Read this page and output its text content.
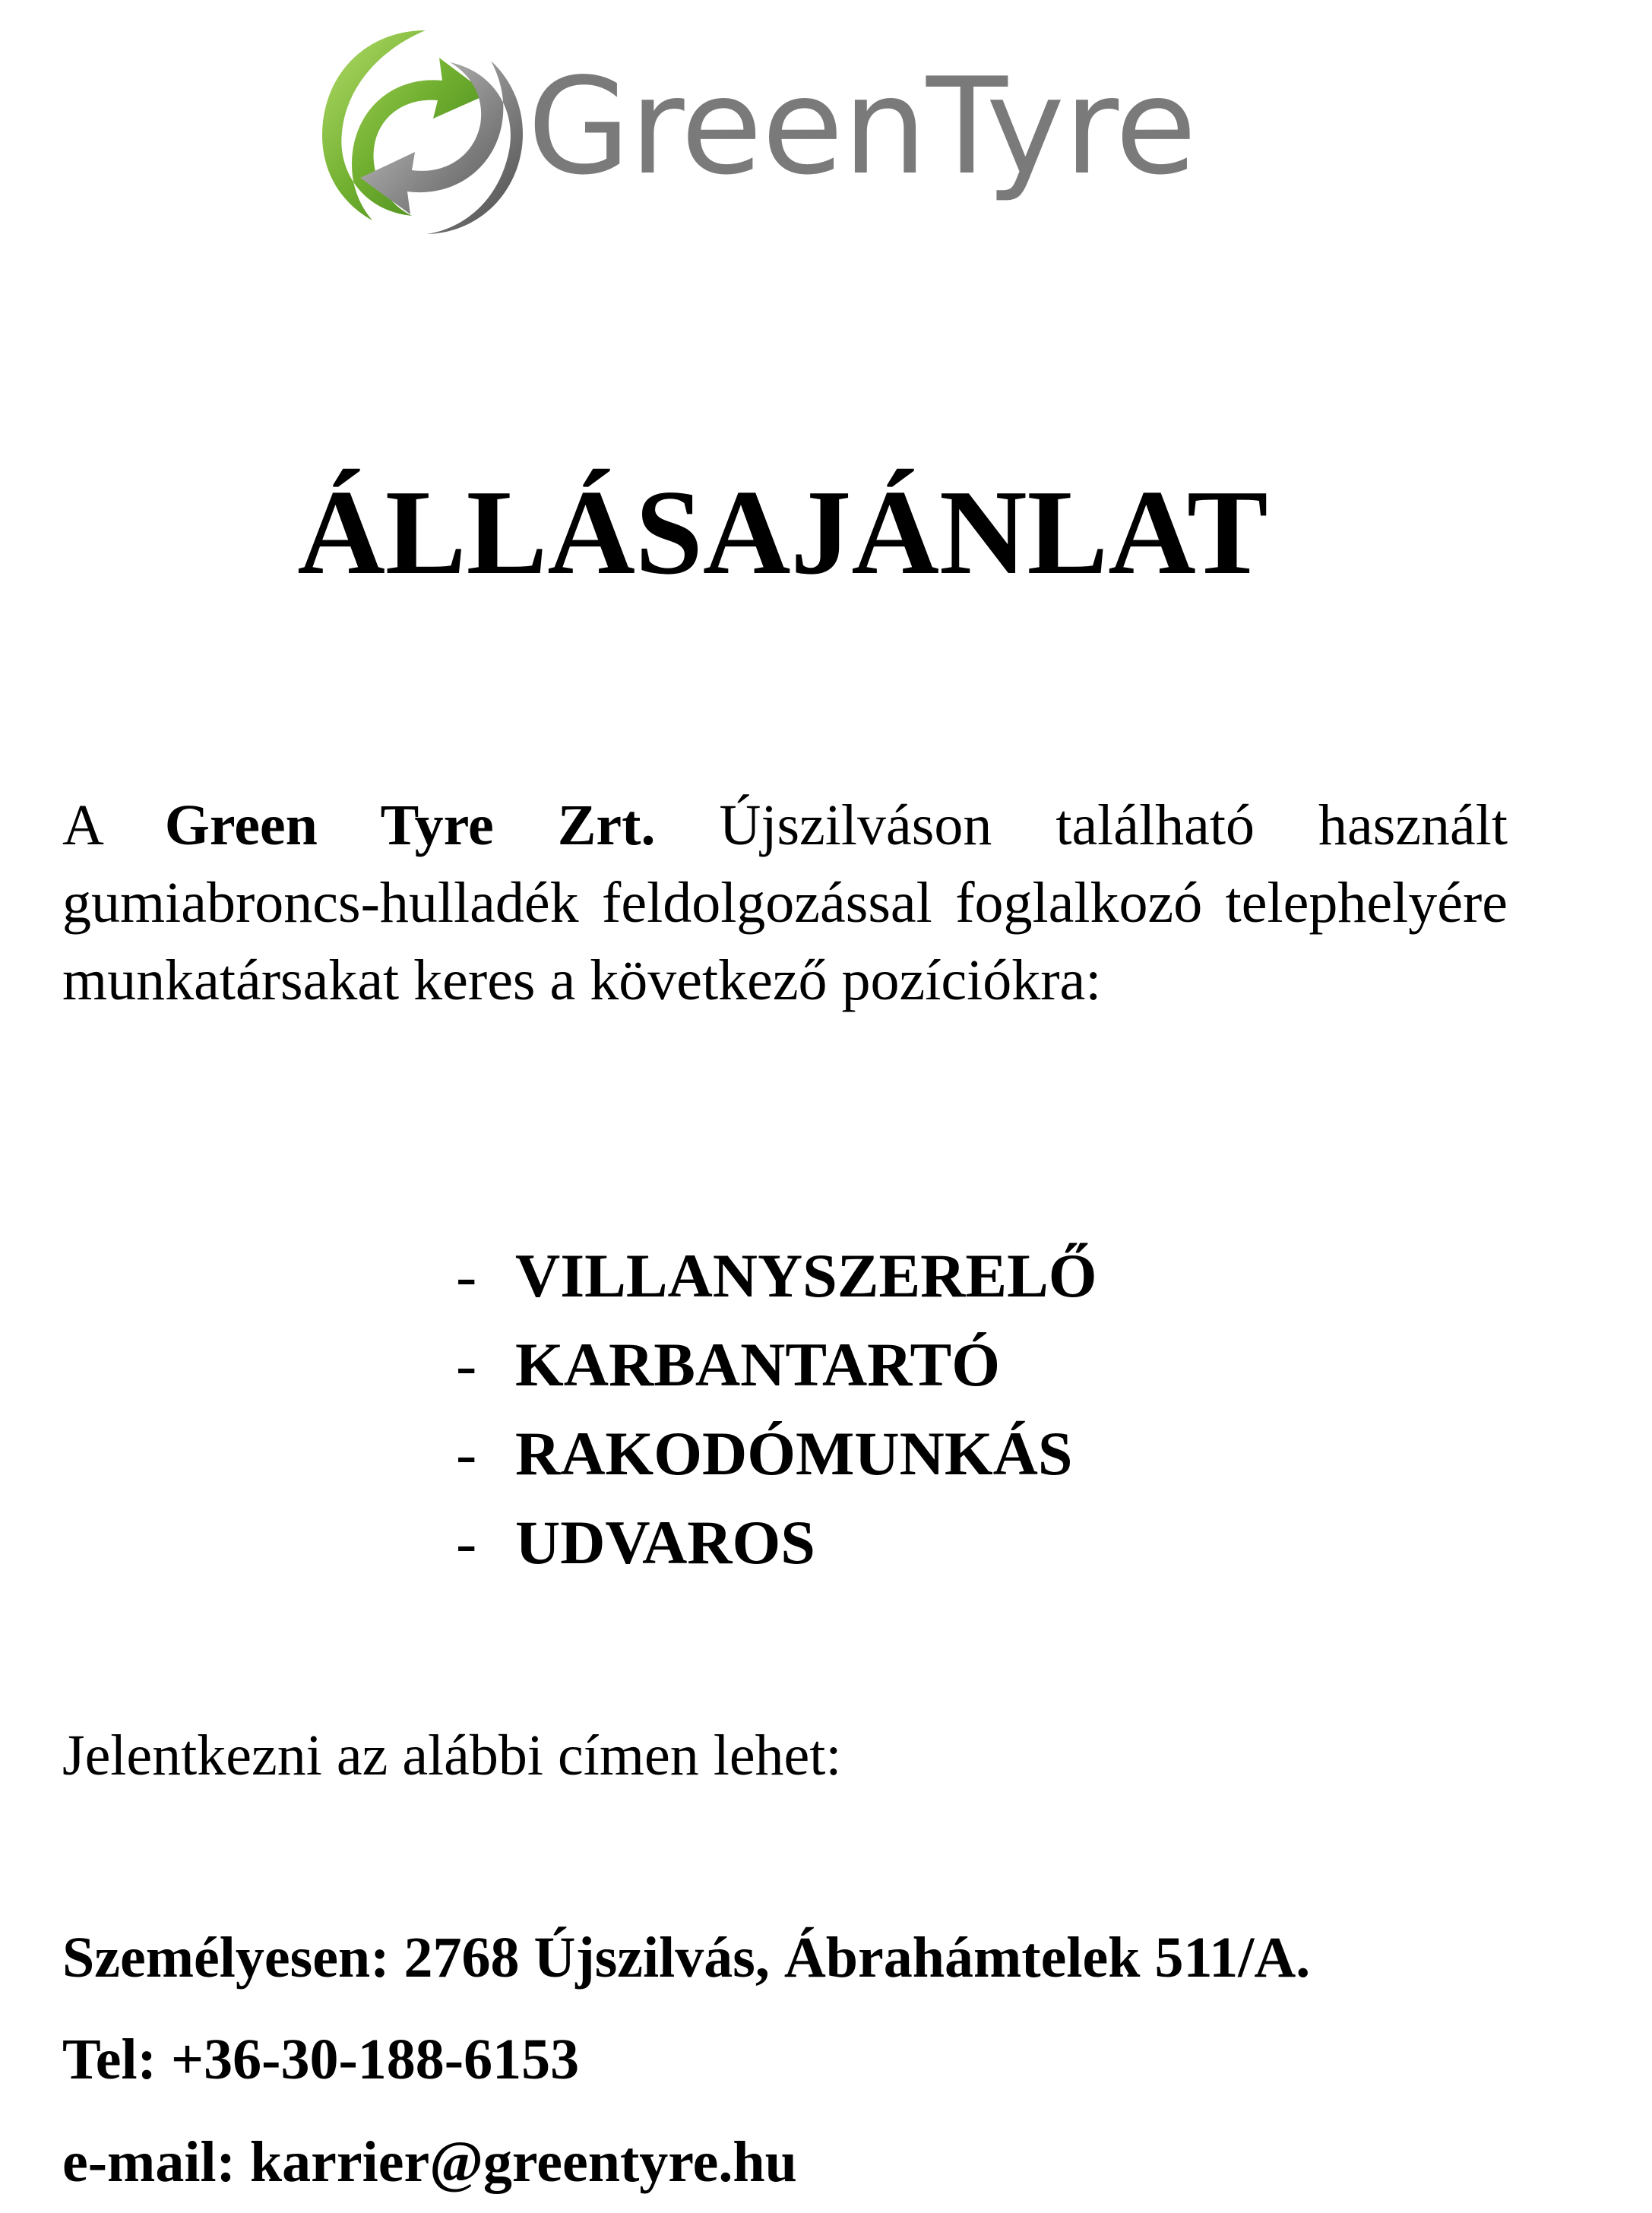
GreenTyre
ÁLLÁSAJÁNLAT

A Green Tyre Zrt. Újszilváson található használt gumiabroncs-hulladék feldolgozással foglalkozó telephelyére munkatársakat keres a következő pozíciókra:

- VILLANYSZERELŐ
- KARBANTARTÓ
- RAKODÓMUNKÁS
- UDVAROS

Jelentkezni az alábbi címen lehet:

Személyesen: 2768 Újszilvás, Ábrahámtelek 511/A.

Tel: +36-30-188-6153

e-mail: karrier@greentyre.hu
